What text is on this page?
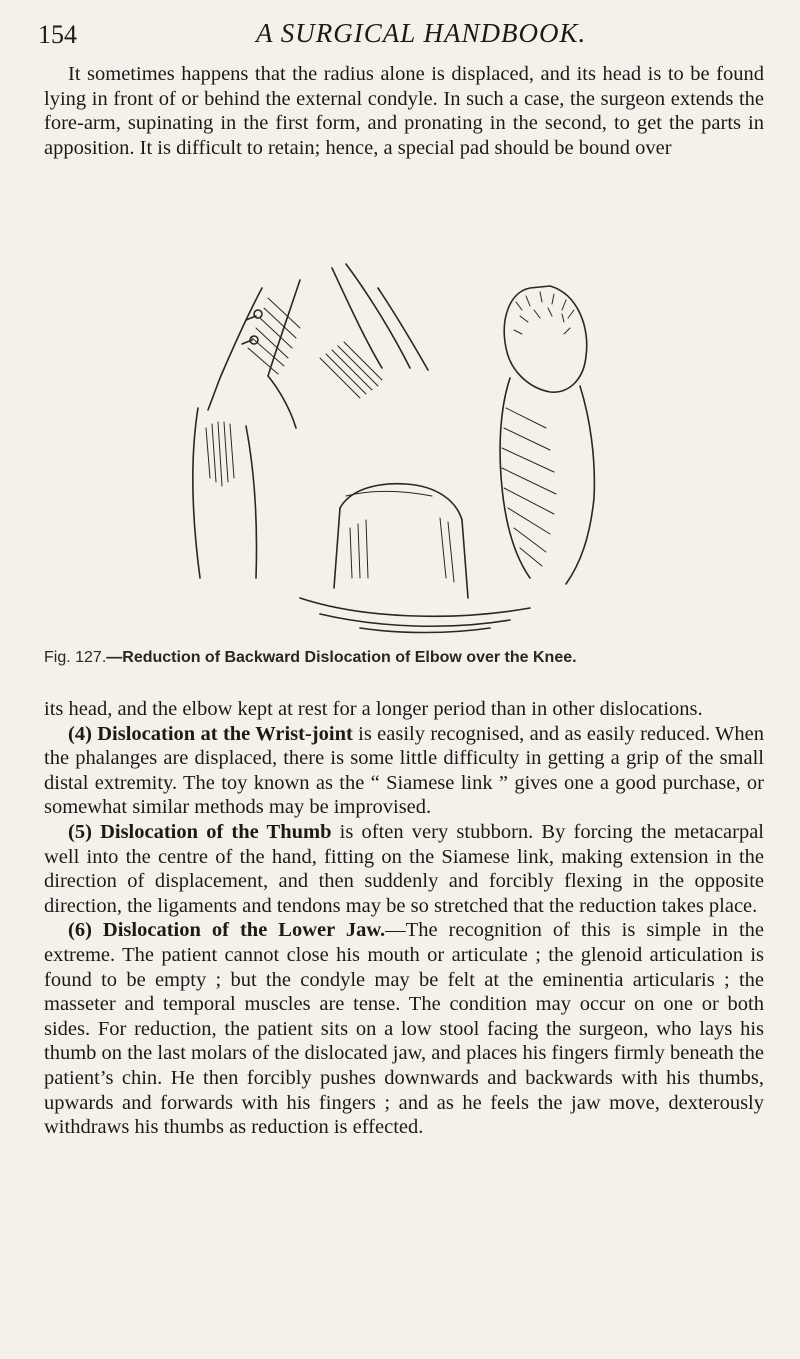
154	A SURGICAL HANDBOOK.

It sometimes happens that the radius alone is displaced, and its head is to be found lying in front of or behind the external condyle. In such a case, the surgeon extends the fore-arm, supinating in the first form, and pronating in the second, to get the parts in apposition. It is difficult to retain; hence, a special pad should be bound over

Fig. 127.—Reduction of Backward Dislocation of Elbow over the Knee.

its head, and the elbow kept at rest for a longer period than in other dislocations.

(4) Dislocation at the Wrist-joint is easily recognised, and as easily reduced. When the phalanges are displaced, there is some little difficulty in getting a grip of the small distal extremity. The toy known as the “ Siamese link ” gives one a good purchase, or somewhat similar methods may be improvised.

(5) Dislocation of the Thumb is often very stubborn. By forcing the metacarpal well into the centre of the hand, fitting on the Siamese link, making extension in the direction of displacement, and then suddenly and forcibly flexing in the opposite direction, the ligaments and tendons may be so stretched that the reduction takes place.

(6) Dislocation of the Lower Jaw.—The recognition of this is simple in the extreme. The patient cannot close his mouth or articulate ; the glenoid articulation is found to be empty ; but the condyle may be felt at the eminentia articularis ; the masseter and temporal muscles are tense. The condition may occur on one or both sides. For reduction, the patient sits on a low stool facing the surgeon, who lays his thumb on the last molars of the dislocated jaw, and places his fingers firmly beneath the patient’s chin. He then forcibly pushes downwards and backwards with his thumbs, upwards and forwards with his fingers ; and as he feels the jaw move, dexterously withdraws his thumbs as reduction is effected.
